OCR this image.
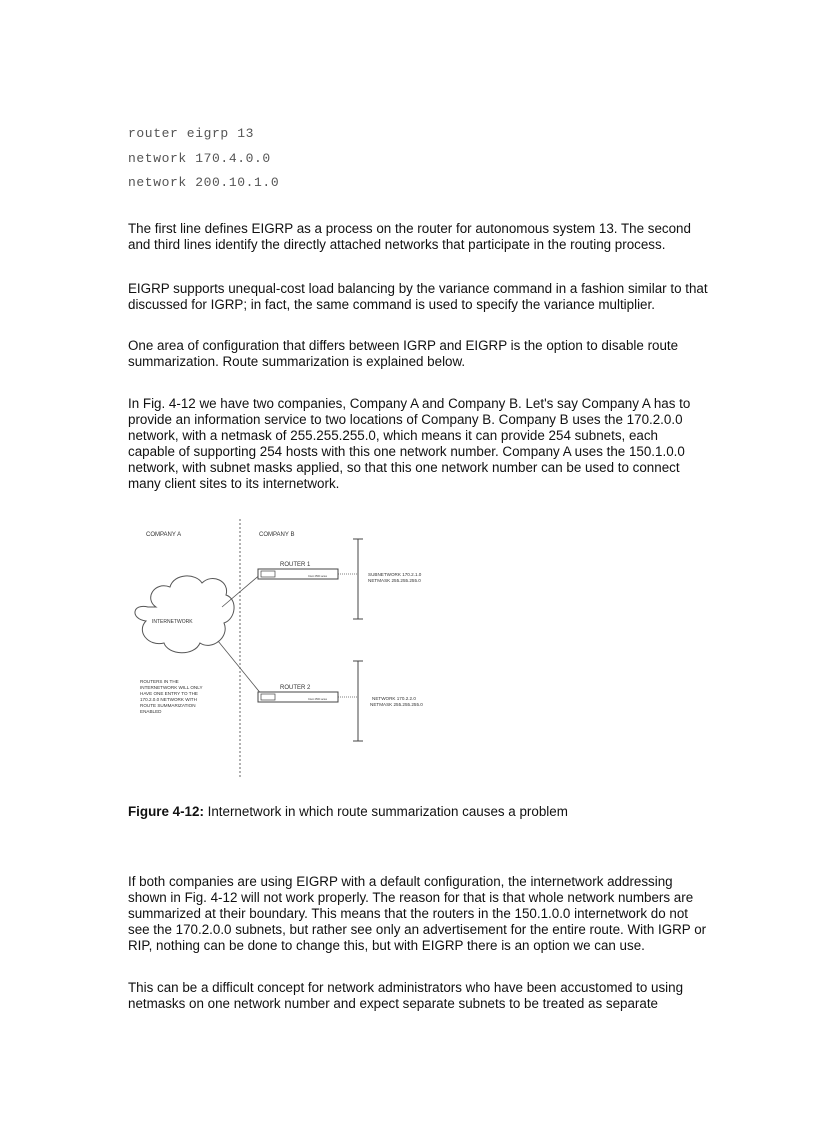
router eigrp 13
network 170.4.0.0
network 200.10.1.0

The first line defines EIGRP as a process on the router for autonomous system 13. The second and third lines identify the directly attached networks that participate in the routing process.

EIGRP supports unequal-cost load balancing by the variance command in a fashion similar to that discussed for IGRP; in fact, the same command is used to specify the variance multiplier.

One area of configuration that differs between IGRP and EIGRP is the option to disable route summarization. Route summarization is explained below.

In Fig. 4-12 we have two companies, Company A and Company B. Let's say Company A has to provide an information service to two locations of Company B. Company B uses the 170.2.0.0 network, with a netmask of 255.255.255.0, which means it can provide 254 subnets, each capable of supporting 254 hosts with this one network number. Company A uses the 150.1.0.0 network, with subnet masks applied, so that this one network number can be used to connect many client sites to its internetwork.

COMPANY A	COMPANY B
INTERNETWORK
ROUTER 1
Cisco 2500 series
ROUTER 2
Cisco 2500 series
SUBNETWORK 170.2.1.0
NETMASK 255.255.255.0
NETWORK 170.2.2.0
NETMASK 255.255.255.0
ROUTERS IN THE
INTERNETWORK WILL ONLY
HAVE ONE ENTRY TO THE
170.2.0.0 NETWORK WITH
ROUTE SUMMARIZATION
ENABLED

Figure 4-12: Internetwork in which route summarization causes a problem

If both companies are using EIGRP with a default configuration, the internetwork addressing shown in Fig. 4-12 will not work properly. The reason for that is that whole network numbers are summarized at their boundary. This means that the routers in the 150.1.0.0 internetwork do not see the 170.2.0.0 subnets, but rather see only an advertisement for the entire route. With IGRP or RIP, nothing can be done to change this, but with EIGRP there is an option we can use.

This can be a difficult concept for network administrators who have been accustomed to using netmasks on one network number and expect separate subnets to be treated as separate
